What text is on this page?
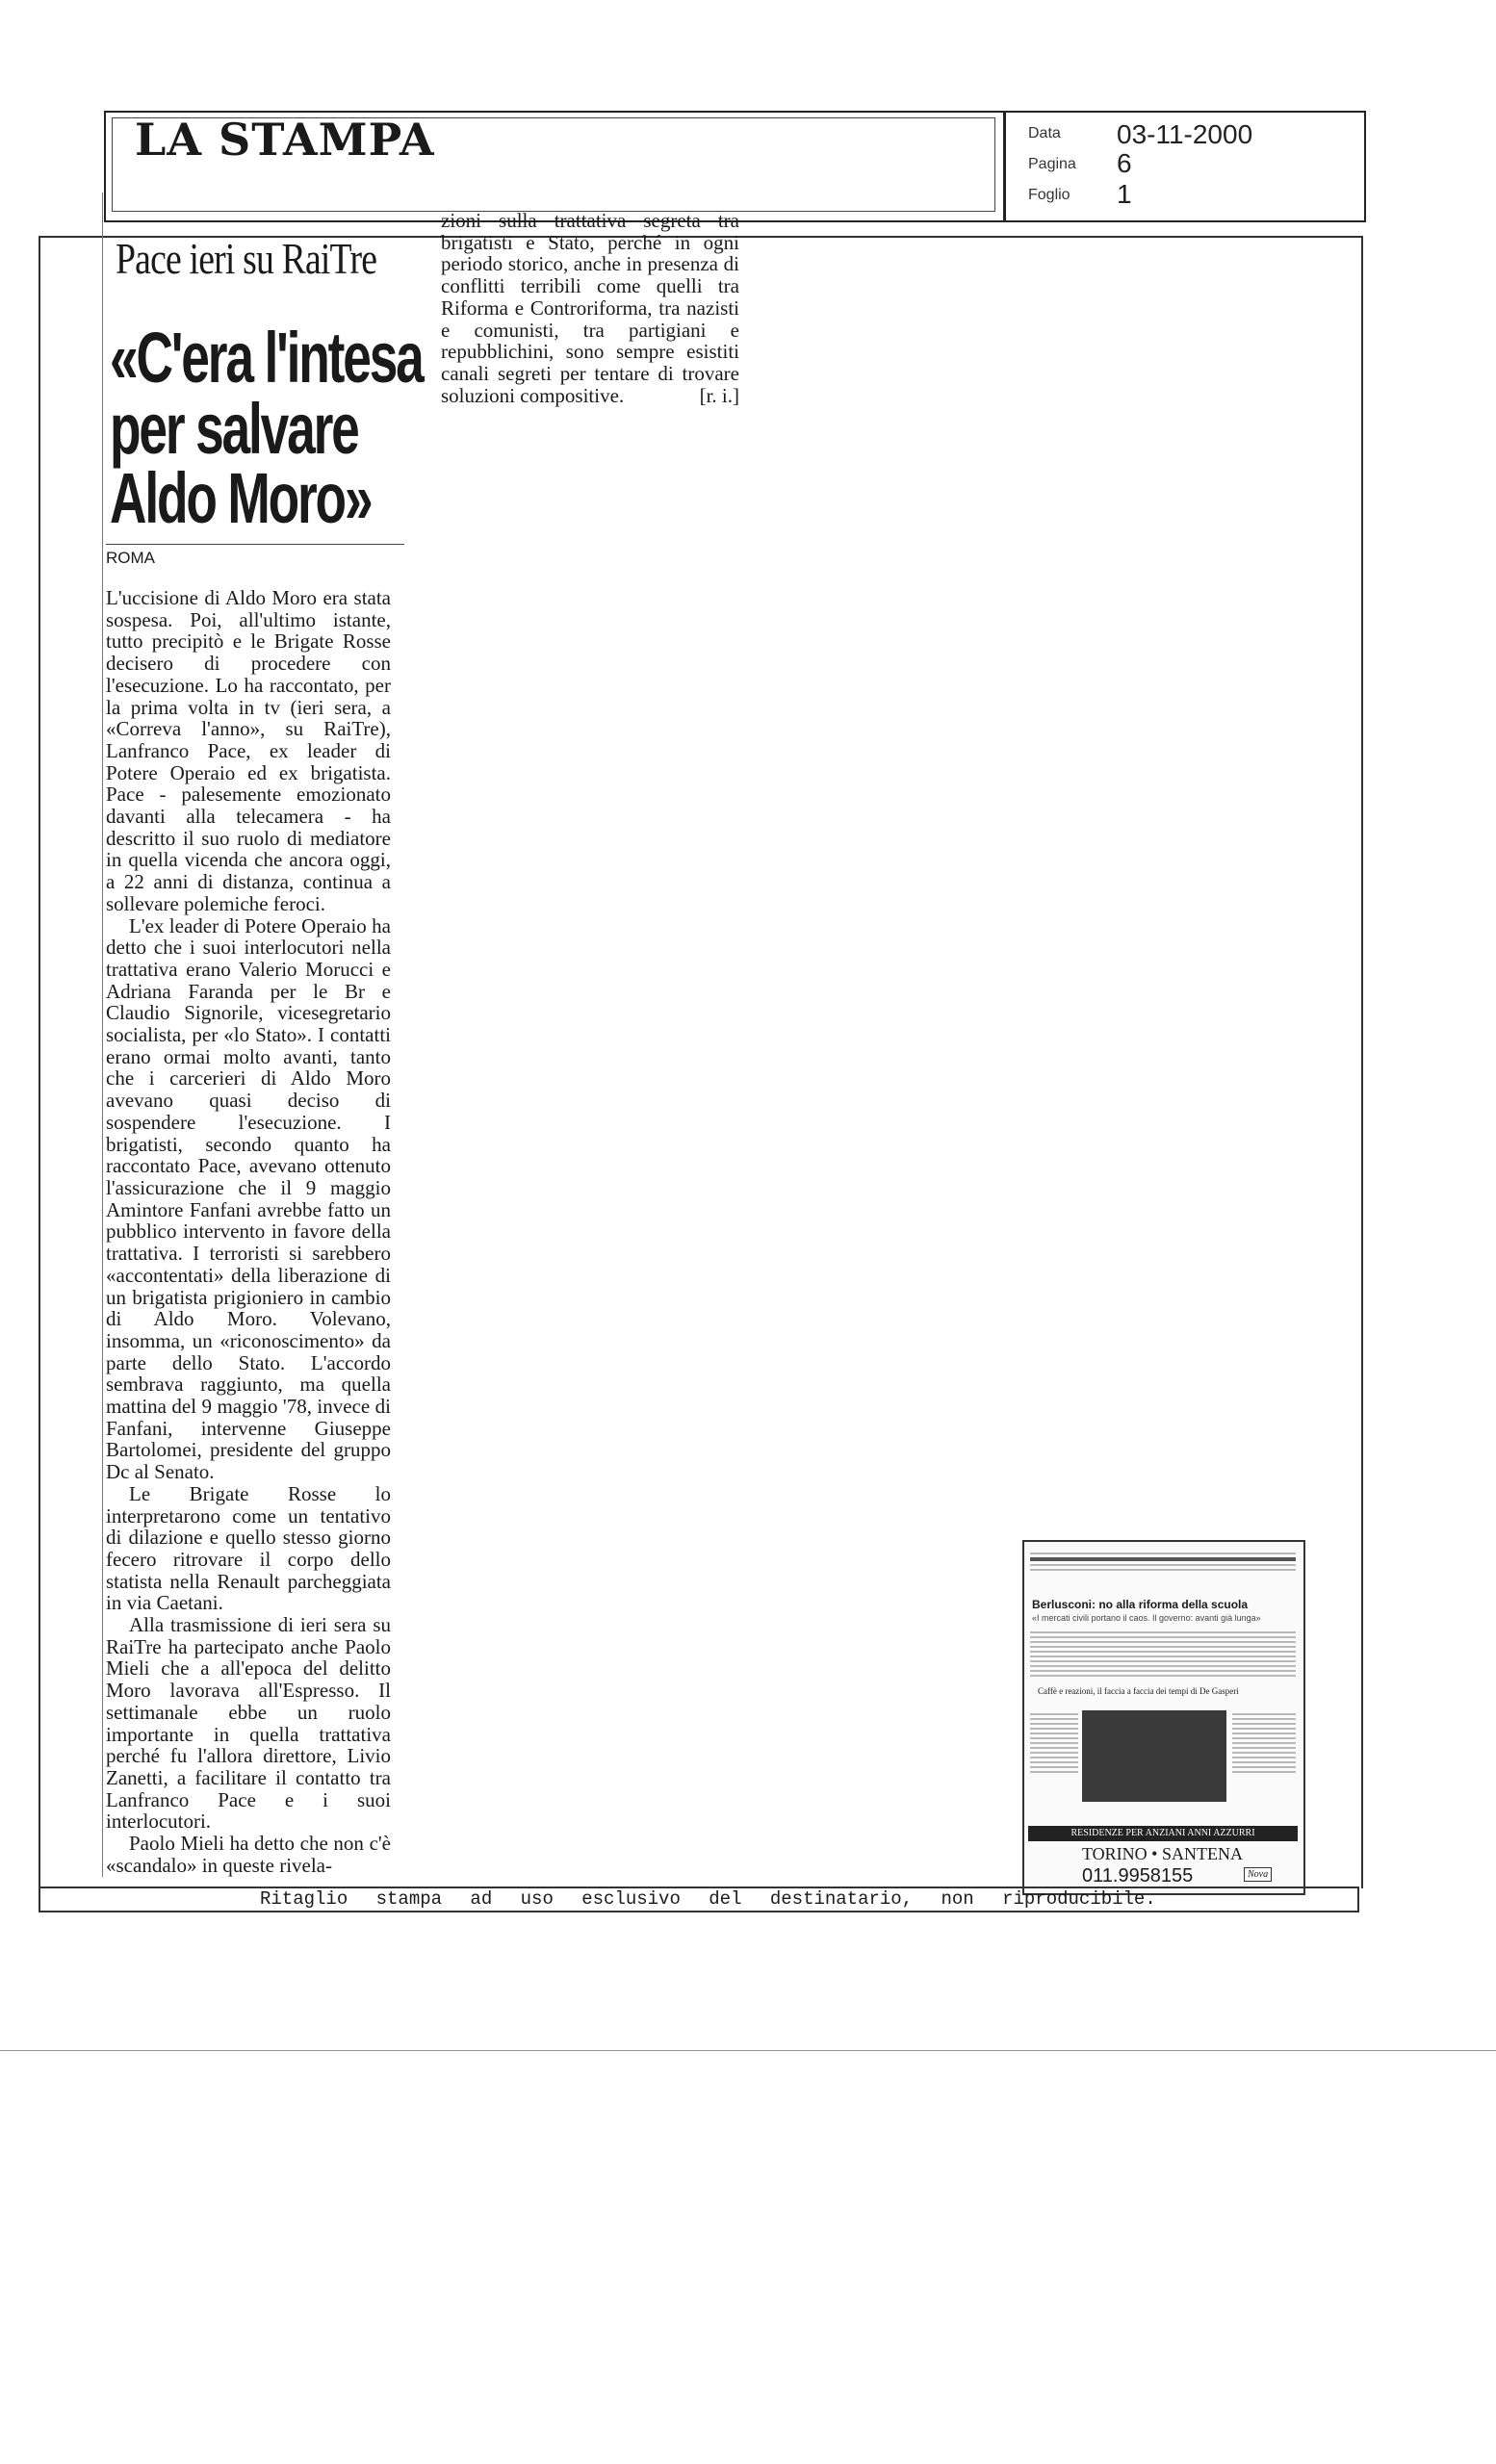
LA STAMPA	Data 03-11-2000
Pagina 6
Foglio 1
Pace ieri su RaiTre
«C'era l'intesa
per salvare
Aldo Moro»
ROMA

L'uccisione di Aldo Moro era stata sospesa. Poi, all'ultimo istante, tutto precipitò e le Brigate Rosse decisero di procedere con l'esecuzione. Lo ha raccontato, per la prima volta in tv (ieri sera, a «Correva l'anno», su RaiTre), Lanfranco Pace, ex leader di Potere Operaio ed ex brigatista. Pace - palesemente emozionato davanti alla telecamera - ha descritto il suo ruolo di mediatore in quella vicenda che ancora oggi, a 22 anni di distanza, continua a sollevare polemiche feroci.

L'ex leader di Potere Operaio ha detto che i suoi interlocutori nella trattativa erano Valerio Morucci e Adriana Faranda per le Br e Claudio Signorile, vicesegretario socialista, per «lo Stato». I contatti erano ormai molto avanti, tanto che i carcerieri di Aldo Moro avevano quasi deciso di sospendere l'esecuzione. I brigatisti, secondo quanto ha raccontato Pace, avevano ottenuto l'assicurazione che il 9 maggio Amintore Fanfani avrebbe fatto un pubblico intervento in favore della trattativa. I terroristi si sarebbero «accontentati» della liberazione di un brigatista prigioniero in cambio di Aldo Moro. Volevano, insomma, un «riconoscimento» da parte dello Stato. L'accordo sembrava raggiunto, ma quella mattina del 9 maggio '78, invece di Fanfani, intervenne Giuseppe Bartolomei, presidente del gruppo Dc al Senato.

Le Brigate Rosse lo interpretarono come un tentativo di dilazione e quello stesso giorno fecero ritrovare il corpo dello statista nella Renault parcheggiata in via Caetani.

Alla trasmissione di ieri sera su RaiTre ha partecipato anche Paolo Mieli che a all'epoca del delitto Moro lavorava all'Espresso. Il settimanale ebbe un ruolo importante in quella trattativa perché fu l'allora direttore, Livio Zanetti, a facilitare il contatto tra Lanfranco Pace e i suoi interlocutori.

Paolo Mieli ha detto che non c'è «scandalo» in queste rivela-

zioni sulla trattativa segreta tra brigatisti e Stato, perché in ogni periodo storico, anche in presenza di conflitti terribili come quelli tra Riforma e Controriforma, tra nazisti e comunisti, tra partigiani e repubblichini, sono sempre esistiti canali segreti per tentare di trovare soluzioni compositive.	[r. i.]

Berlusconi: no alla riforma della scuola
«I mercati civili portano il caos. Il governo: avanti già lunga»
Caffè e reazioni, il faccia a faccia dei tempi di De Gasperi
RESIDENZE PER ANZIANI ANNI AZZURRI
TORINO • SANTENA
011.9958155	Nova
Ritaglio stampa ad uso esclusivo del destinatario, non riproducibile.
